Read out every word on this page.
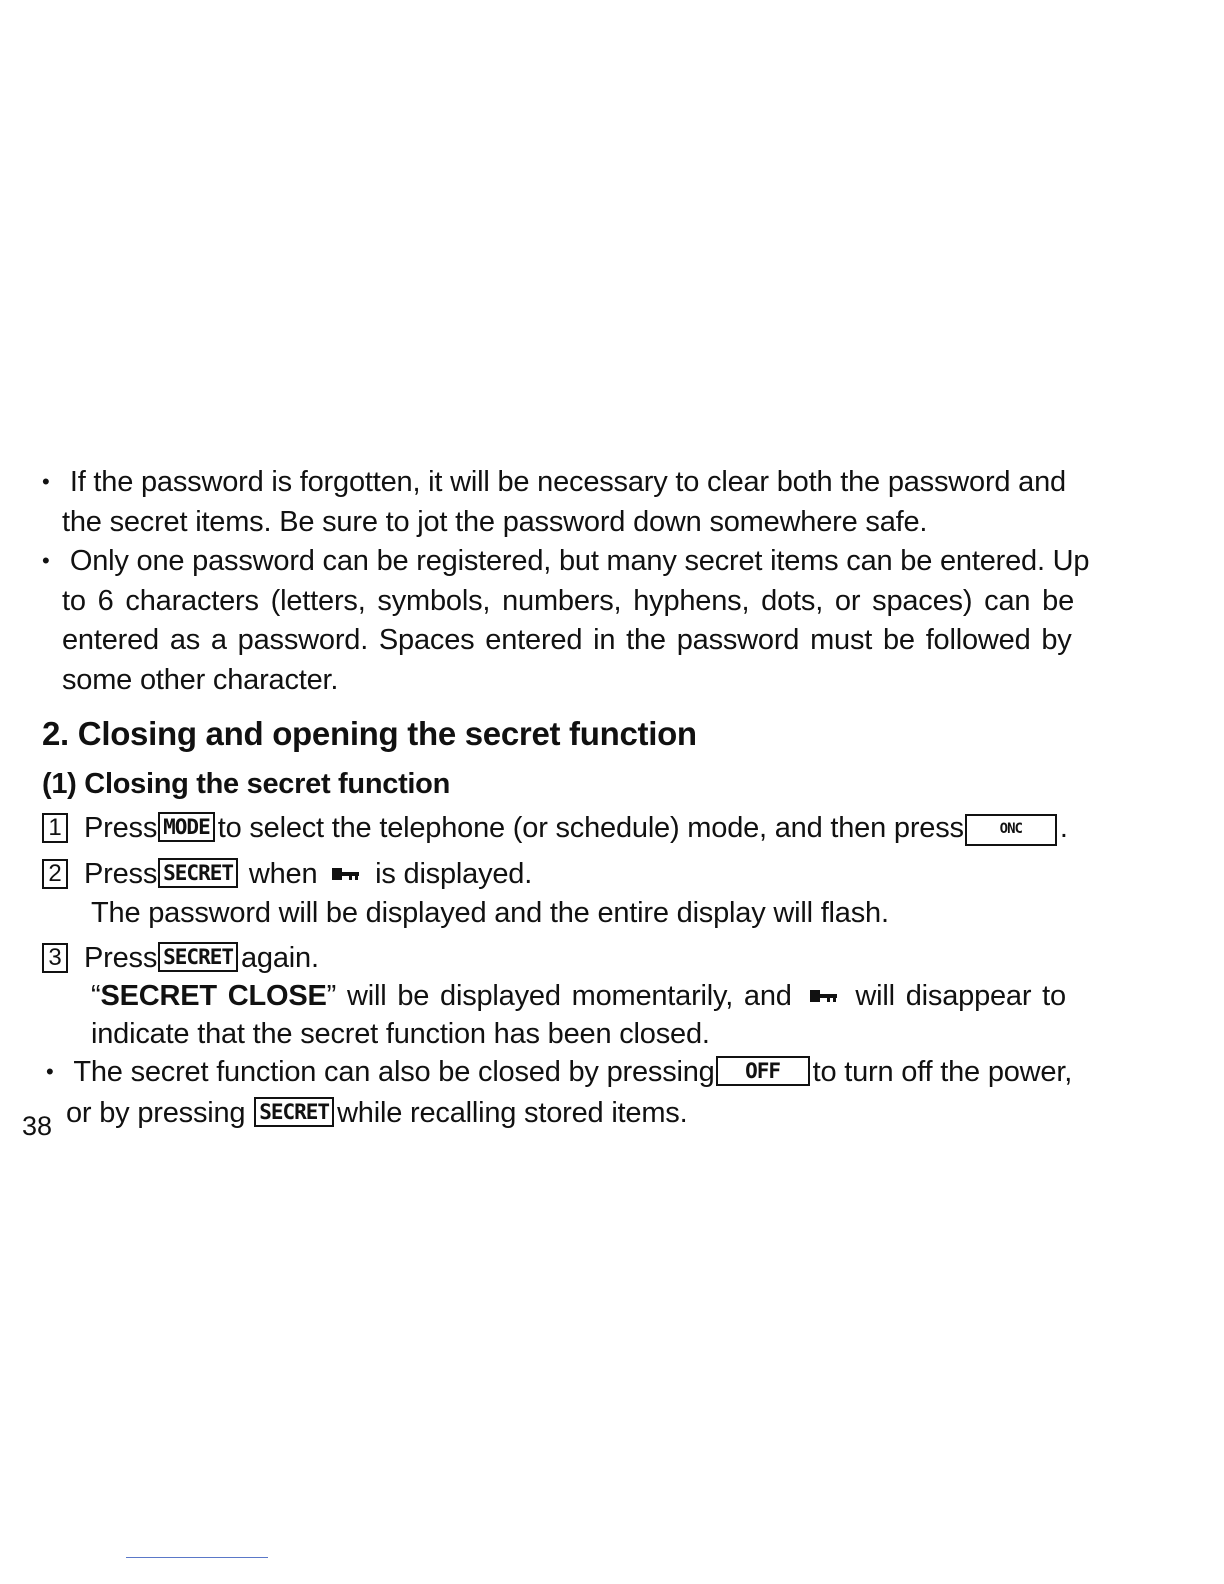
• If the password is forgotten, it will be necessary to clear both the password and
the secret items. Be sure to jot the password down somewhere safe.
• Only one password can be registered, but many secret items can be entered. Up
to 6 characters (letters, symbols, numbers, hyphens, dots, or spaces) can be
entered as a password. Spaces entered in the password must be followed by
some other character.
2. Closing and opening the secret function
(1) Closing the secret function
1 Press MODE to select the telephone (or schedule) mode, and then press	ONC .
2 Press SECRET when is displayed.
The password will be displayed and the entire display will flash.
3 Press SECRET again.
“SECRET CLOSE” will be displayed momentarily, and will disappear to
indicate that the secret function has been closed.
• The secret function can also be closed by pressing OFF to turn off the power,
or by pressing SECRET while recalling stored items.
38
